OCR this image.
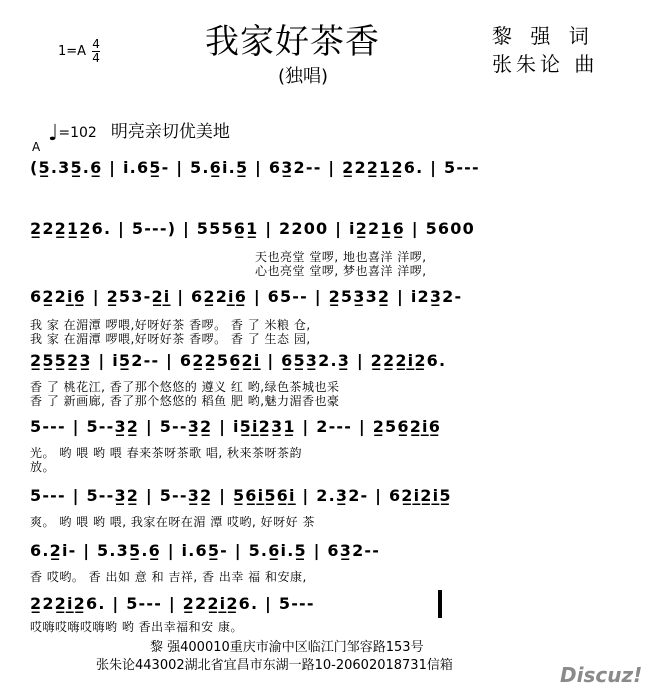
我家好茶香
(独唱)
$1=A \frac{4}{4}$
黎 强 词
张朱论 曲
♩=102 明亮亲切优美地
A
(5̲.35̲.6̲ | i.65̲- | 5.6̲i.5̲ | 63̲2-- | 2̲22̲1̲2̲6. | 5---
2̲22̲1̲2̲6. | 5---) | 5556̲1̲ | 2200 | i2̲21̲6̲ | 5600
天也亮堂 堂啰, 地也喜洋 洋啰,
心也亮堂 堂啰, 梦也喜洋 洋啰,
62̲2i̲6̲ | 2̲53-2̲i̲ | 62̲2i̲6̲ | 65-- | 2̲53̲32̲ | i23̲2-
我 家 在湄潭 啰喂,好呀好茶 香啰。 香 了 米粮 仓,
我 家 在湄潭 啰喂,好呀好茶 香啰。 香 了 生态 园,
2̲5̲5̲2̲3̲ | i5̲2-- | 62̲2̲56̲2̲i̲ | 6̲5̲3̲2.3̲ | 2̲2̲2̲i̲2̲6.
香 了 桃花江, 香了那个悠悠的 遵义 红 哟,绿色茶城也采
香 了 新画廊, 香了那个悠悠的 稻鱼 肥 哟,魅力湄香也豪
5--- | 5--3̲2̲ | 5--3̲2̲ | i5̲i̲2̲3̲1̲ | 2--- | 2̲56̲2̲i̲6̲
光。 哟 喂 哟 喂 春来茶呀茶歌 唱, 秋来茶呀茶韵
放。
5--- | 5--3̲2̲ | 5--3̲2̲ | 5̲6̲i̲5̲6̲i̲ | 2.3̲2- | 62̲i̲2̲i̲5̲
爽。 哟 喂 哟 喂, 我家在呀在湄 潭 哎哟, 好呀好 茶
6.2̲i- | 5.35̲.6̲ | i.65̲- | 5.6̲i.5̲ | 63̲2--
香 哎哟。 香 出如 意 和 吉祥, 香 出幸 福 和安康,
2̲22̲i̲2̲6. | 5--- | 2̲22̲i̲2̲6. | 5---
哎嗨哎嗨哎嗨哟 哟 香出幸福和安 康。
黎 强400010重庆市渝中区临江门邹容路153号
张朱论443002湖北省宜昌市东湖一路10-20602018731信箱	Discuz!
